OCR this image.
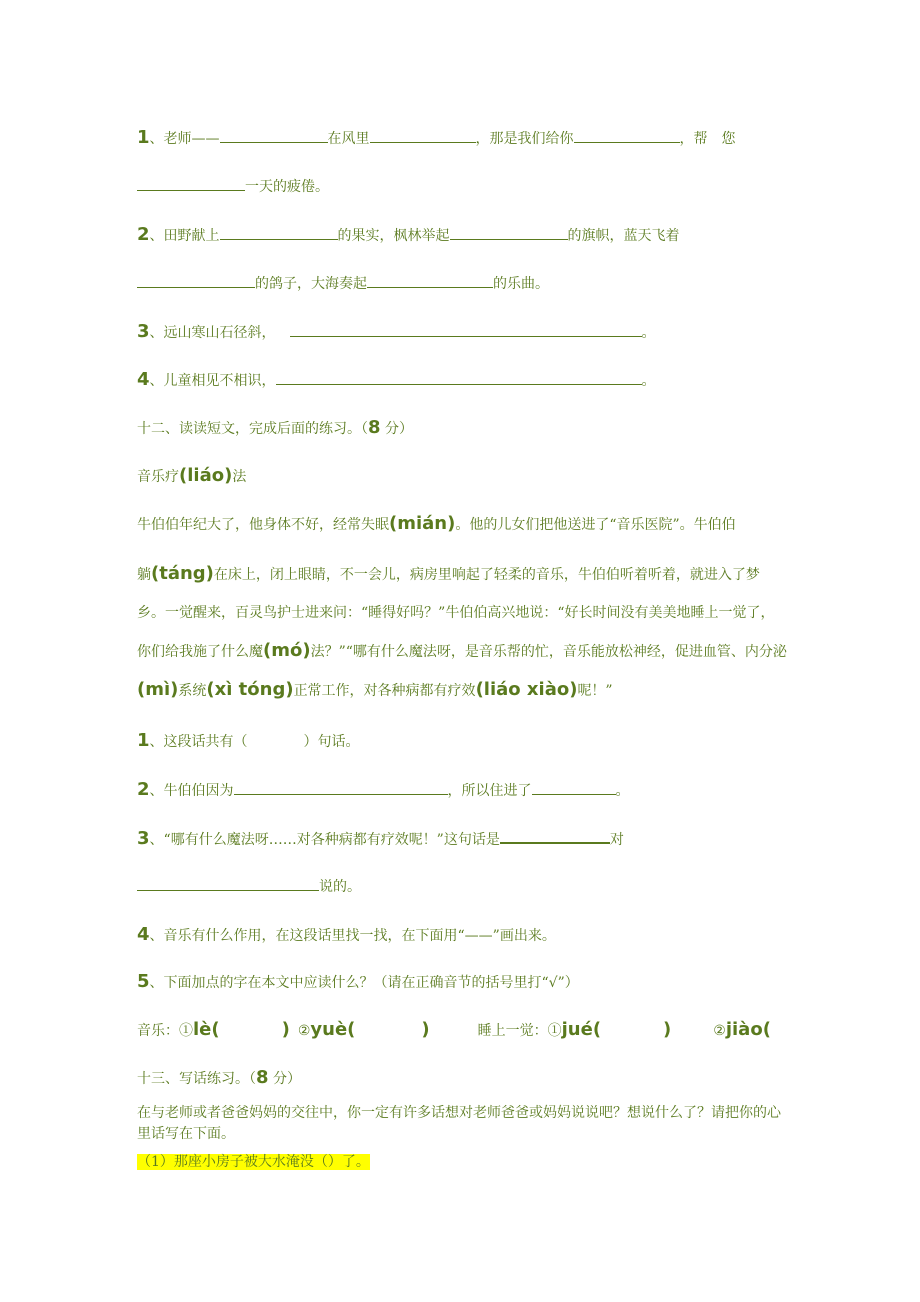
1、老师——	在风里	，那是我们给你	，帮　您
一天的疲倦。
2、田野献上	的果实，枫林举起	的旗帜，蓝天飞着
的鸽子，大海奏起	的乐曲。
3、远山寒山石径斜，	。
4、儿童相见不相识，	。
十二、读读短文，完成后面的练习。（8 分）
音乐疗(liáo)法
牛伯伯年纪大了，他身体不好，经常失眠(mián)。他的儿女们把他送进了“音乐医院”。牛伯伯
躺(táng)在床上，闭上眼睛，不一会儿，病房里响起了轻柔的音乐，牛伯伯听着听着，就进入了梦乡。一觉醒来，百灵鸟护士进来问：“睡得好吗？”牛伯伯高兴地说：“好长时间没有美美地睡上一觉了，你们给我施了什么魔(mó)法？”“哪有什么魔法呀，是音乐帮的忙，音乐能放松神经，促进血管、内分泌(mì)系统(xì tóng)正常工作，对各种病都有疗效(liáo xiào)呢！”
1、这段话共有（	）句话。
2、牛伯伯因为	，所以住进了	。
3、“哪有什么魔法呀……对各种病都有疗效呢！”这句话是	对
说的。
4、音乐有什么作用，在这段话里找一找，在下面用“——”画出来。
5、下面加点的字在本文中应读什么？（请在正确音节的括号里打“√”）
音乐：①lè(	) ②yuè(	)	睡上一觉：①jué(	)	②jiào(
十三、写话练习。（8 分）
在与老师或者爸爸妈妈的交往中，你一定有许多话想对老师爸爸或妈妈说说吧？想说什么了？请把你的心里话写在下面。
（1）那座小房子被大水淹没（）了。
